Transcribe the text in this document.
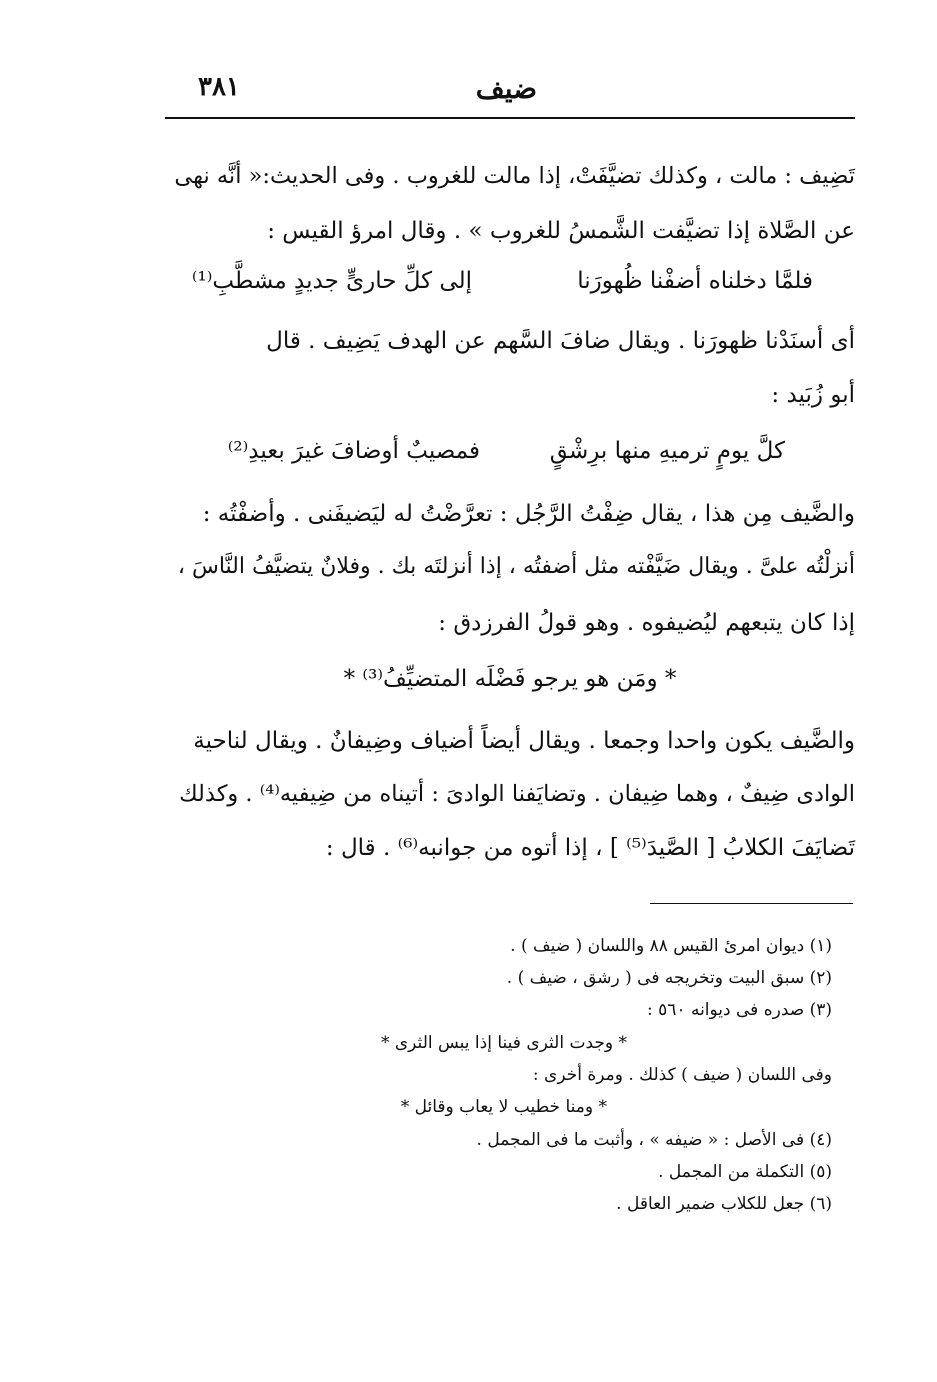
٣٨١	ضيف
تَضِيف : مالت ، وكذلك تضيَّفَتْ، إذا مالت للغروب . وفى الحديث:« أنَّه نهى
عن الصَّلاة إذا تضيَّفت الشَّمسُ للغروب » . وقال امرؤ القيس :
فلمَّا دخلناه أضفْنا ظُهورَنا
إلى كلِّ حارىٍّ جديدٍ مشطَّبِ⁽¹⁾
أى أسنَدْنا ظهورَنا . ويقال ضافَ السَّهم عن الهدف يَضِيف . قال
أبو زُبَيد :
كلَّ يومٍ ترميهِ منها برِشْقٍ
فمصيبٌ أوضافَ غيرَ بعيدِ⁽²⁾
والضَّيف مِن هذا ، يقال ضِفْتُ الرَّجُل : تعرَّضْتُ له ليَضيفَنى . وأضفْتُه :
أنزلْتُه علىَّ . ويقال ضَيَّفْته مثل أضفتُه ، إذا أنزلتَه بك . وفلانٌ يتضيَّفُ النَّاسَ ،
إذا كان يتبعهم ليُضيفوه . وهو قولُ الفرزدق :
* ومَن هو يرجو فَضْلَه المتضيِّفُ⁽³⁾ *
والضَّيف يكون واحدا وجمعا . ويقال أيضاً أضياف وضِيفانٌ . ويقال لناحية
الوادى ضِيفٌ ، وهما ضِيفان . وتضايَفنا الوادىَ : أتيناه من ضِيفيه⁽⁴⁾ . وكذلك
تَضايَفَ الكلابُ [ الصَّيدَ⁽⁵⁾ ] ، إذا أتوه من جوانبه⁽⁶⁾ . قال :
(١) ديوان امرئ القيس ٨٨ واللسان ( ضيف ) .
(٢) سبق البيت وتخريجه فى ( رشق ، ضيف ) .
(٣) صدره فى ديوانه ٥٦٠ :
* وجدت الثرى فينا إذا يبس الثرى *
وفى اللسان ( ضيف ) كذلك . ومرة أخرى :
* ومنا خطيب لا يعاب وقائل *
(٤) فى الأصل : « ضيفه » ، وأثبت ما فى المجمل .
(٥) التكملة من المجمل .
(٦) جعل للكلاب ضمير العاقل .
